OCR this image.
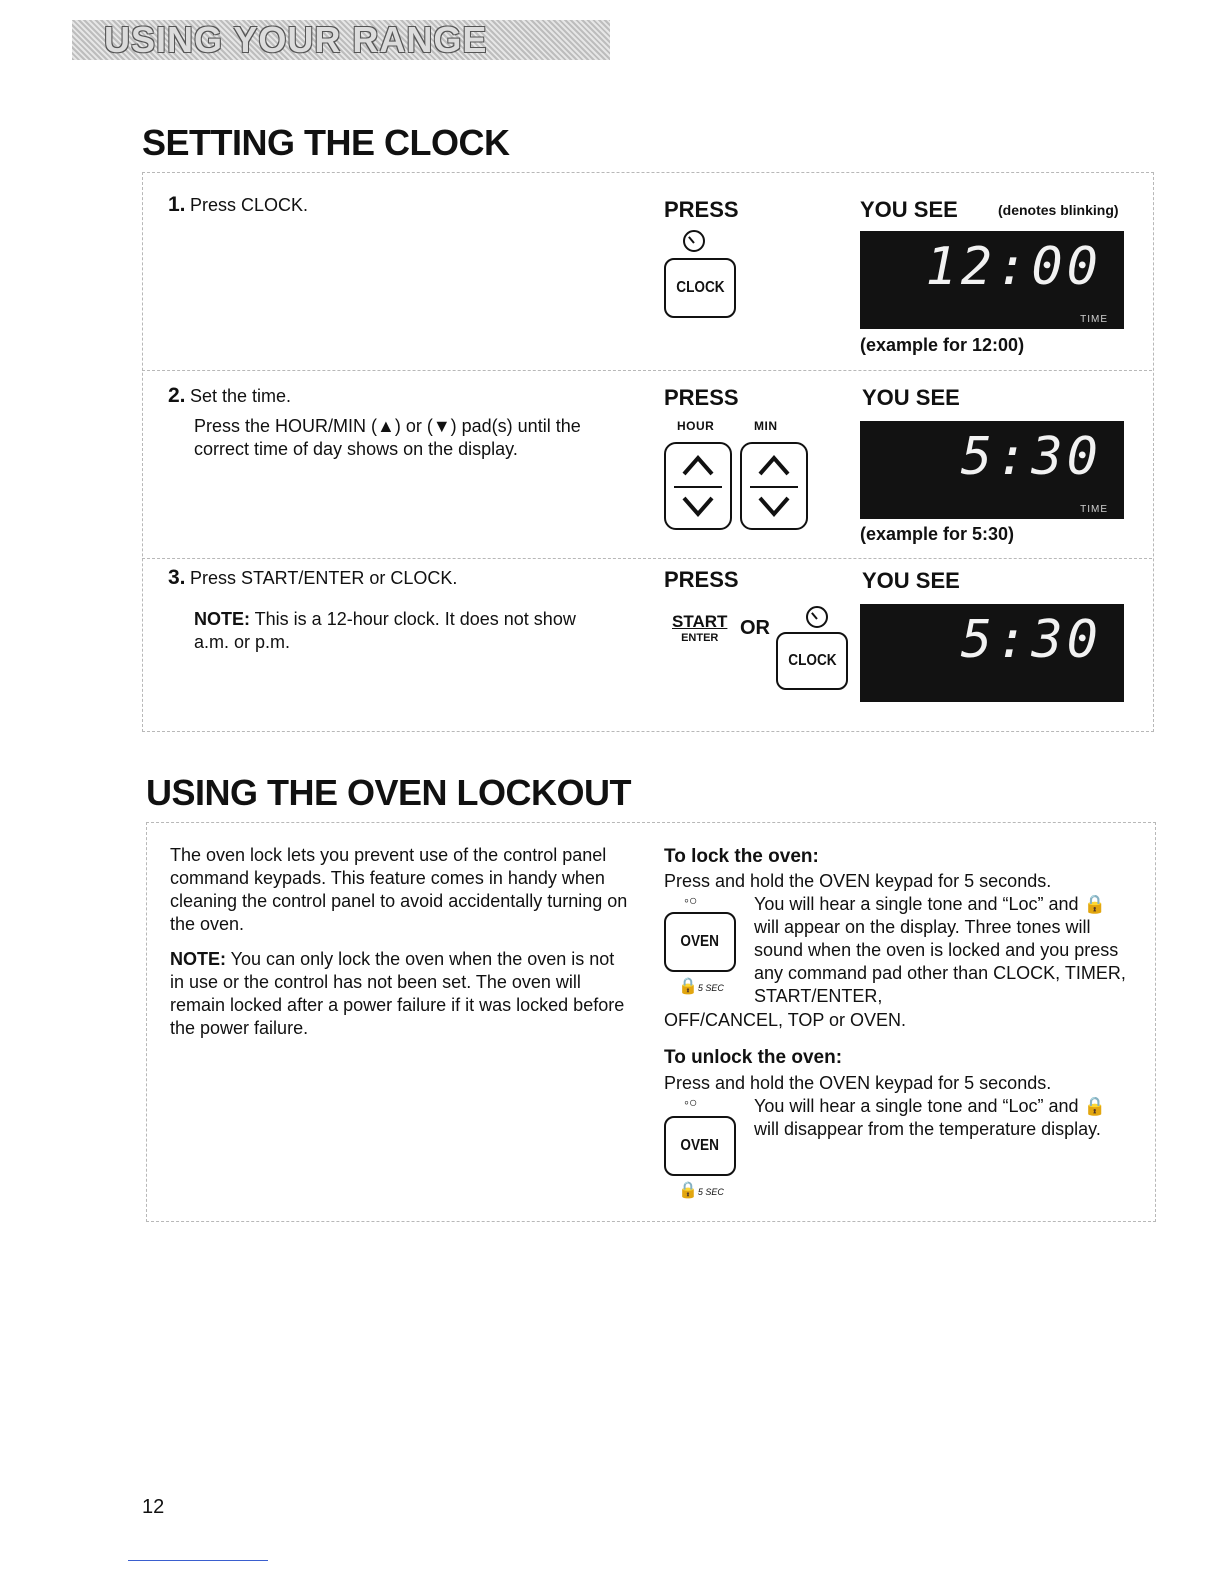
USING YOUR RANGE
SETTING THE CLOCK
1. Press CLOCK.	PRESS
CLOCK
YOU SEE	(denotes blinking)
12:00
TIME
(example for 12:00)
2. Set the time.
Press the HOUR/MIN (▲) or (▼) pad(s) until the correct time of day shows on the display.
PRESS
HOUR	MIN
YOU SEE
5:30
TIME
(example for 5:30)
3. Press START/ENTER or CLOCK.
NOTE: This is a 12-hour clock. It does not show a.m. or p.m.
PRESS
START
ENTER	OR
CLOCK
YOU SEE
5:30
USING THE OVEN LOCKOUT
The oven lock lets you prevent use of the control panel command keypads. This feature comes in handy when cleaning the control panel to avoid accidentally turning on the oven.
NOTE: You can only lock the oven when the oven is not in use or the control has not been set. The oven will remain locked after a power failure if it was locked before the power failure.
To lock the oven:
Press and hold the OVEN keypad for 5 seconds.
◦○
OVEN
🔒5 SEC
You will hear a single tone and “Loc” and 🔒 will appear on the display. Three tones will sound when the oven is locked and you press any command pad other than CLOCK, TIMER, START/ENTER,
OFF/CANCEL, TOP or OVEN.
To unlock the oven:
Press and hold the OVEN keypad for 5 seconds.
◦○
OVEN
🔒5 SEC
You will hear a single tone and “Loc” and 🔒 will disappear from the temperature display.
12
